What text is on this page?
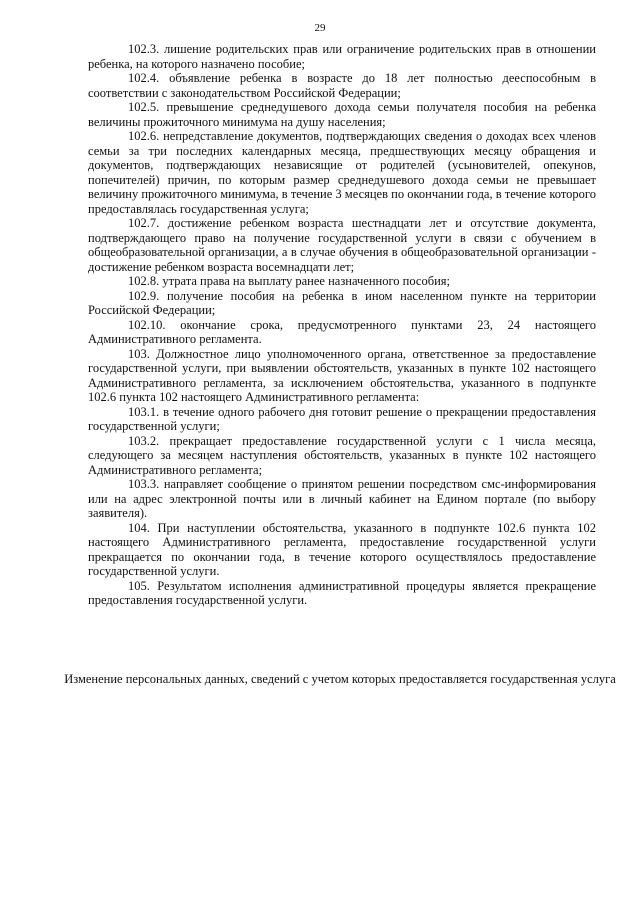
29

102.3. лишение родительских прав или ограничение родительских прав в отношении ребенка, на которого назначено пособие;

102.4. объявление ребенка в возрасте до 18 лет полностью дееспособным в соответствии с законодательством Российской Федерации;

102.5. превышение среднедушевого дохода семьи получателя пособия на ребенка величины прожиточного минимума на душу населения;

102.6. непредставление документов, подтверждающих сведения о доходах всех членов семьи за три последних календарных месяца, предшествующих месяцу обращения и документов, подтверждающих независящие от родителей (усыновителей, опекунов, попечителей) причин, по которым размер среднедушевого дохода семьи не превышает величину прожиточного минимума, в течение 3 месяцев по окончании года, в течение которого предоставлялась государственная услуга;

102.7. достижение ребенком возраста шестнадцати лет и отсутствие документа, подтверждающего право на получение государственной услуги в связи с обучением в общеобразовательной организации, а в случае обучения в общеобразовательной организации - достижение ребенком возраста восемнадцати лет;

102.8. утрата права на выплату ранее назначенного пособия;

102.9. получение пособия на ребенка в ином населенном пункте на территории Российской Федерации;

102.10. окончание срока, предусмотренного пунктами 23, 24 настоящего Административного регламента.

103. Должностное лицо уполномоченного органа, ответственное за предоставление государственной услуги, при выявлении обстоятельств, указанных в пункте 102 настоящего Административного регламента, за исключением обстоятельства, указанного в подпункте 102.6 пункта 102 настоящего Административного регламента:

103.1. в течение одного рабочего дня готовит решение о прекращении предоставления государственной услуги;

103.2. прекращает предоставление государственной услуги с 1 числа месяца, следующего за месяцем наступления обстоятельств, указанных в пункте 102 настоящего Административного регламента;

103.3. направляет сообщение о принятом решении посредством смс-информирования или на адрес электронной почты или в личный кабинет на Едином портале (по выбору заявителя).

104. При наступлении обстоятельства, указанного в подпункте 102.6 пункта 102 настоящего Административного регламента, предоставление государственной услуги прекращается по окончании года, в течение которого осуществлялось предоставление государственной услуги.

105. Результатом исполнения административной процедуры является прекращение предоставления государственной услуги.

Изменение персональных данных, сведений с учетом которых предоставляется государственная услуга
